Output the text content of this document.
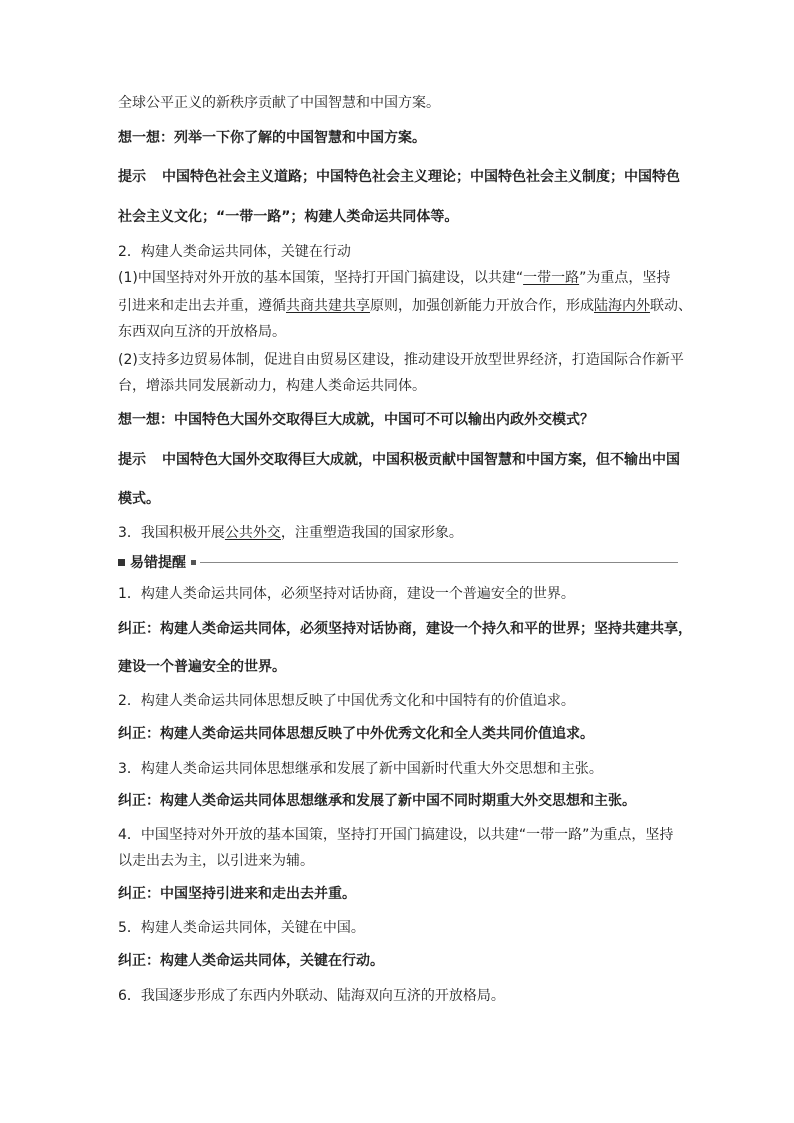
全球公平正义的新秩序贡献了中国智慧和中国方案。
想一想：列举一下你了解的中国智慧和中国方案。
提示 中国特色社会主义道路；中国特色社会主义理论；中国特色社会主义制度；中国特色
社会主义文化；“一带一路”；构建人类命运共同体等。
2．构建人类命运共同体，关键在行动
(1)中国坚持对外开放的基本国策，坚持打开国门搞建设，以共建“一带一路”为重点，坚持
引进来和走出去并重，遵循共商共建共享原则，加强创新能力开放合作，形成陆海内外联动、
东西双向互济的开放格局。
(2)支持多边贸易体制，促进自由贸易区建设，推动建设开放型世界经济，打造国际合作新平
台，增添共同发展新动力，构建人类命运共同体。
想一想：中国特色大国外交取得巨大成就，中国可不可以输出内政外交模式？
提示 中国特色大国外交取得巨大成就，中国积极贡献中国智慧和中国方案，但不输出中国
模式。
3．我国积极开展公共外交，注重塑造我国的国家形象。
易错提醒
1．构建人类命运共同体，必须坚持对话协商，建设一个普遍安全的世界。
纠正：构建人类命运共同体，必须坚持对话协商，建设一个持久和平的世界；坚持共建共享，
建设一个普遍安全的世界。
2．构建人类命运共同体思想反映了中国优秀文化和中国特有的价值追求。
纠正：构建人类命运共同体思想反映了中外优秀文化和全人类共同价值追求。
3．构建人类命运共同体思想继承和发展了新中国新时代重大外交思想和主张。
纠正：构建人类命运共同体思想继承和发展了新中国不同时期重大外交思想和主张。
4．中国坚持对外开放的基本国策，坚持打开国门搞建设，以共建“一带一路”为重点，坚持
以走出去为主，以引进来为辅。
纠正：中国坚持引进来和走出去并重。
5．构建人类命运共同体，关键在中国。
纠正：构建人类命运共同体，关键在行动。
6．我国逐步形成了东西内外联动、陆海双向互济的开放格局。
